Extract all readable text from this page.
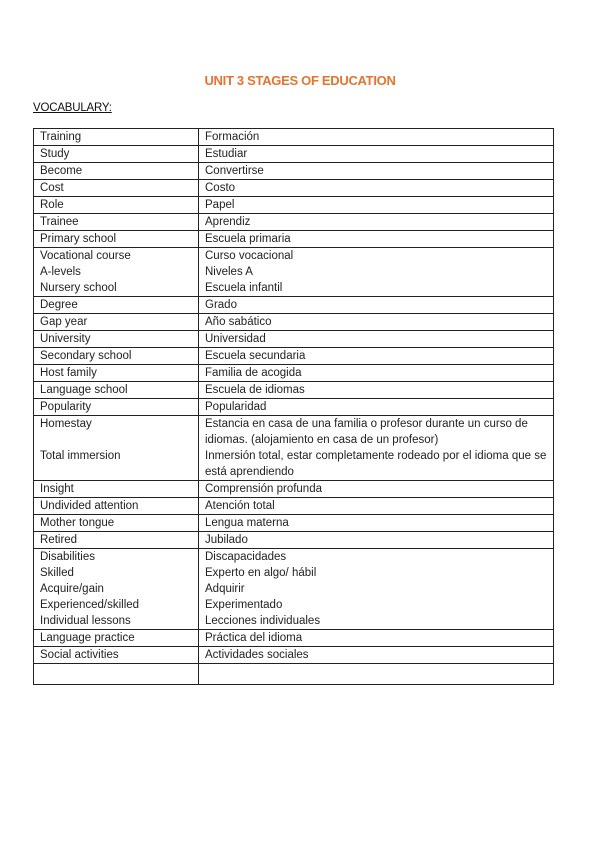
UNIT 3 STAGES OF EDUCATION
VOCABULARY:
Training	Formación
Study	Estudiar
Become	Convertirse
Cost	Costo
Role	Papel
Trainee	Aprendiz
Primary school	Escuela primaria
Vocational course	Curso vocacional
A-levels	Niveles A
Nursery school	Escuela infantil
Degree	Grado
Gap year	Año sabático
University	Universidad
Secondary school	Escuela secundaria
Host family	Familia de acogida
Language school	Escuela de idiomas
Popularity	Popularidad
Homestay	Estancia en casa de una familia o profesor durante un curso de idiomas. (alojamiento en casa de un profesor)
Total immersion	Inmersión total, estar completamente rodeado por el idioma que se está aprendiendo
Insight	Comprensión profunda
Undivided attention	Atención total
Mother tongue	Lengua materna
Retired	Jubilado
Disabilities	Discapacidades
Skilled	Experto en algo/ hábil
Acquire/gain	Adquirir
Experienced/skilled	Experimentado
Individual lessons	Lecciones individuales
Language practice	Práctica del idioma
Social activities	Actividades sociales
